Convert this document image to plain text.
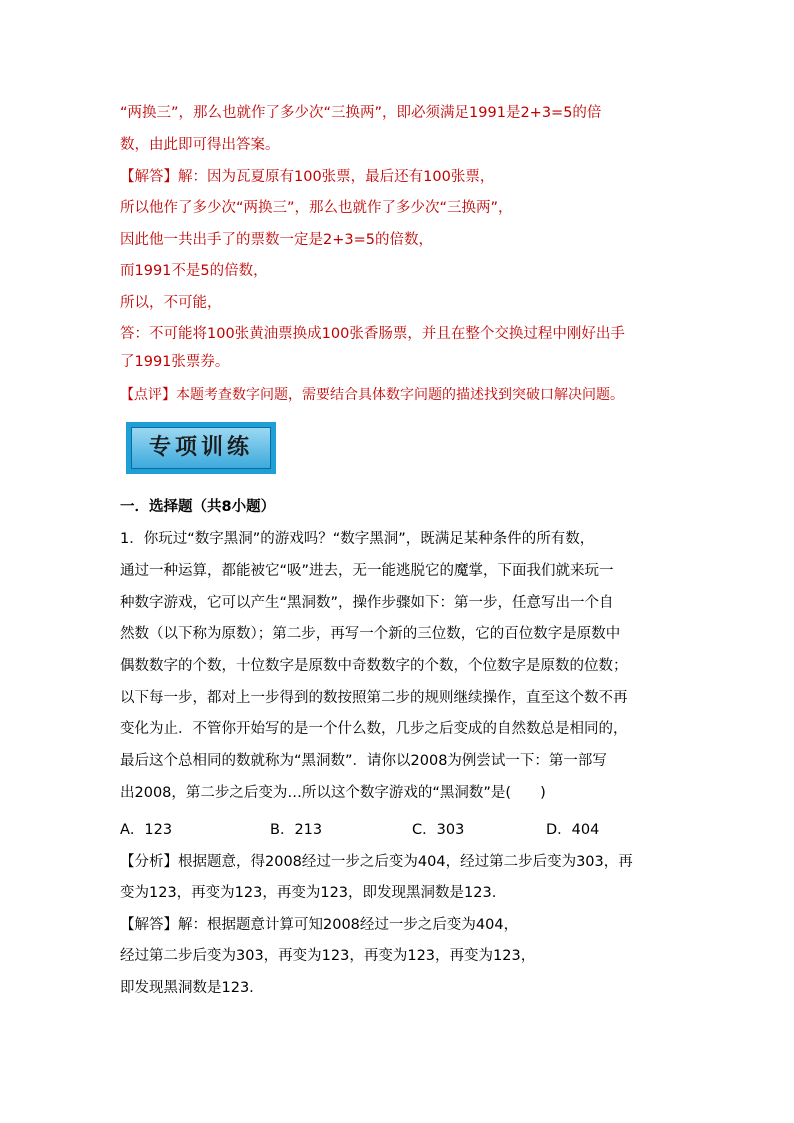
“两换三”，那么也就作了多少次“三换两”，即必须满足1991是2+3=5的倍
数，由此即可得出答案。
【解答】解：因为瓦夏原有100张票，最后还有100张票，
所以他作了多少次“两换三”，那么也就作了多少次“三换两”，
因此他一共出手了的票数一定是2+3=5的倍数，
而1991不是5的倍数，
所以，不可能，
答：不可能将100张黄油票换成100张香肠票，并且在整个交换过程中刚好出手
了1991张票券。
【点评】本题考查数字问题，需要结合具体数字问题的描述找到突破口解决问题。
专项训练
一．选择题（共8小题）
1．你玩过“数字黑洞”的游戏吗？“数字黑洞”，既满足某种条件的所有数，
通过一种运算，都能被它“吸”进去，无一能逃脱它的魔掌，下面我们就来玩一
种数字游戏，它可以产生“黑洞数”，操作步骤如下：第一步，任意写出一个自
然数（以下称为原数）；第二步，再写一个新的三位数，它的百位数字是原数中
偶数数字的个数，十位数字是原数中奇数数字的个数，个位数字是原数的位数；
以下每一步，都对上一步得到的数按照第二步的规则继续操作，直至这个数不再
变化为止．不管你开始写的是一个什么数，几步之后变成的自然数总是相同的，
最后这个总相同的数就称为“黑洞数”．请你以2008为例尝试一下：第一部写
出2008，第二步之后变为…所以这个数字游戏的“黑洞数”是(　　)
A．123	B．213	C．303	D．404
【分析】根据题意，得2008经过一步之后变为404，经过第二步后变为303，再
变为123，再变为123，再变为123，即发现黑洞数是123.
【解答】解：根据题意计算可知2008经过一步之后变为404，
经过第二步后变为303，再变为123，再变为123，再变为123，
即发现黑洞数是123.
